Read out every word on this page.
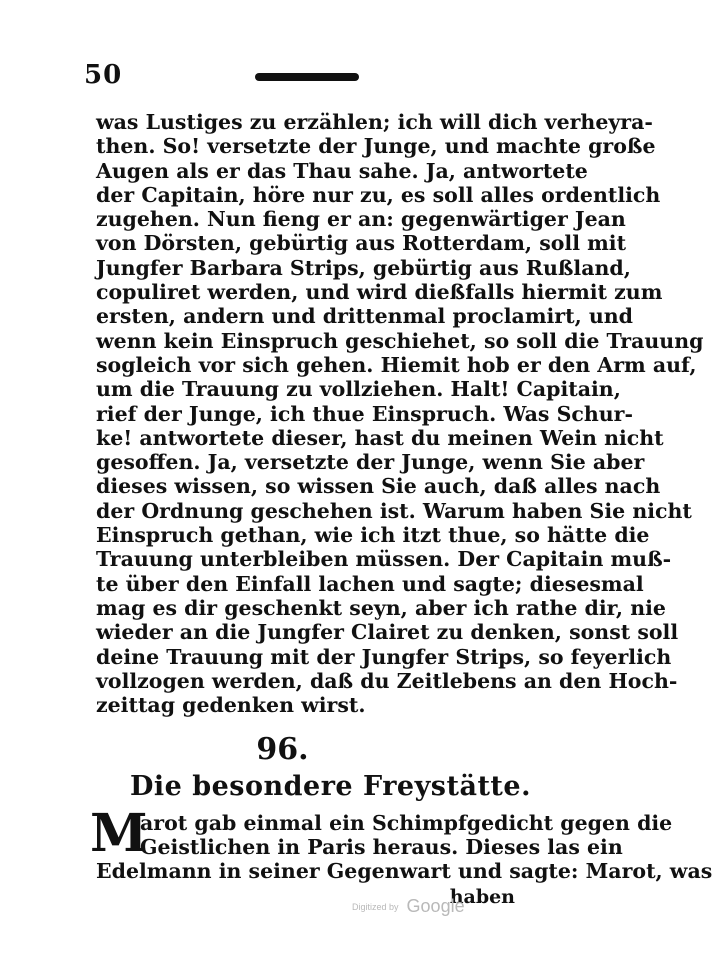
50
was Lustiges zu erzählen; ich will dich verheyra-
then. So! versetzte der Junge, und machte große
Augen als er das Thau sahe. Ja, antwortete
der Capitain, höre nur zu, es soll alles ordentlich
zugehen. Nun fieng er an: gegenwärtiger Jean
von Dörsten, gebürtig aus Rotterdam, soll mit
Jungfer Barbara Strips, gebürtig aus Rußland,
copuliret werden, und wird dießfalls hiermit zum
ersten, andern und drittenmal proclamirt, und
wenn kein Einspruch geschiehet, so soll die Trauung
sogleich vor sich gehen. Hiemit hob er den Arm auf,
um die Trauung zu vollziehen. Halt! Capitain,
rief der Junge, ich thue Einspruch. Was Schur-
ke! antwortete dieser, hast du meinen Wein nicht
gesoffen. Ja, versetzte der Junge, wenn Sie aber
dieses wissen, so wissen Sie auch, daß alles nach
der Ordnung geschehen ist. Warum haben Sie nicht
Einspruch gethan, wie ich itzt thue, so hätte die
Trauung unterbleiben müssen. Der Capitain muß-
te über den Einfall lachen und sagte; diesesmal
mag es dir geschenkt seyn, aber ich rathe dir, nie
wieder an die Jungfer Clairet zu denken, sonst soll
deine Trauung mit der Jungfer Strips, so feyerlich
vollzogen werden, daß du Zeitlebens an den Hoch-
zeittag gedenken wirst.
96.
Die besondere Freystätte.
M
arot gab einmal ein Schimpfgedicht gegen die
Geistlichen in Paris heraus. Dieses las ein
Edelmann in seiner Gegenwart und sagte: Marot, was
haben
Digitized by Google
